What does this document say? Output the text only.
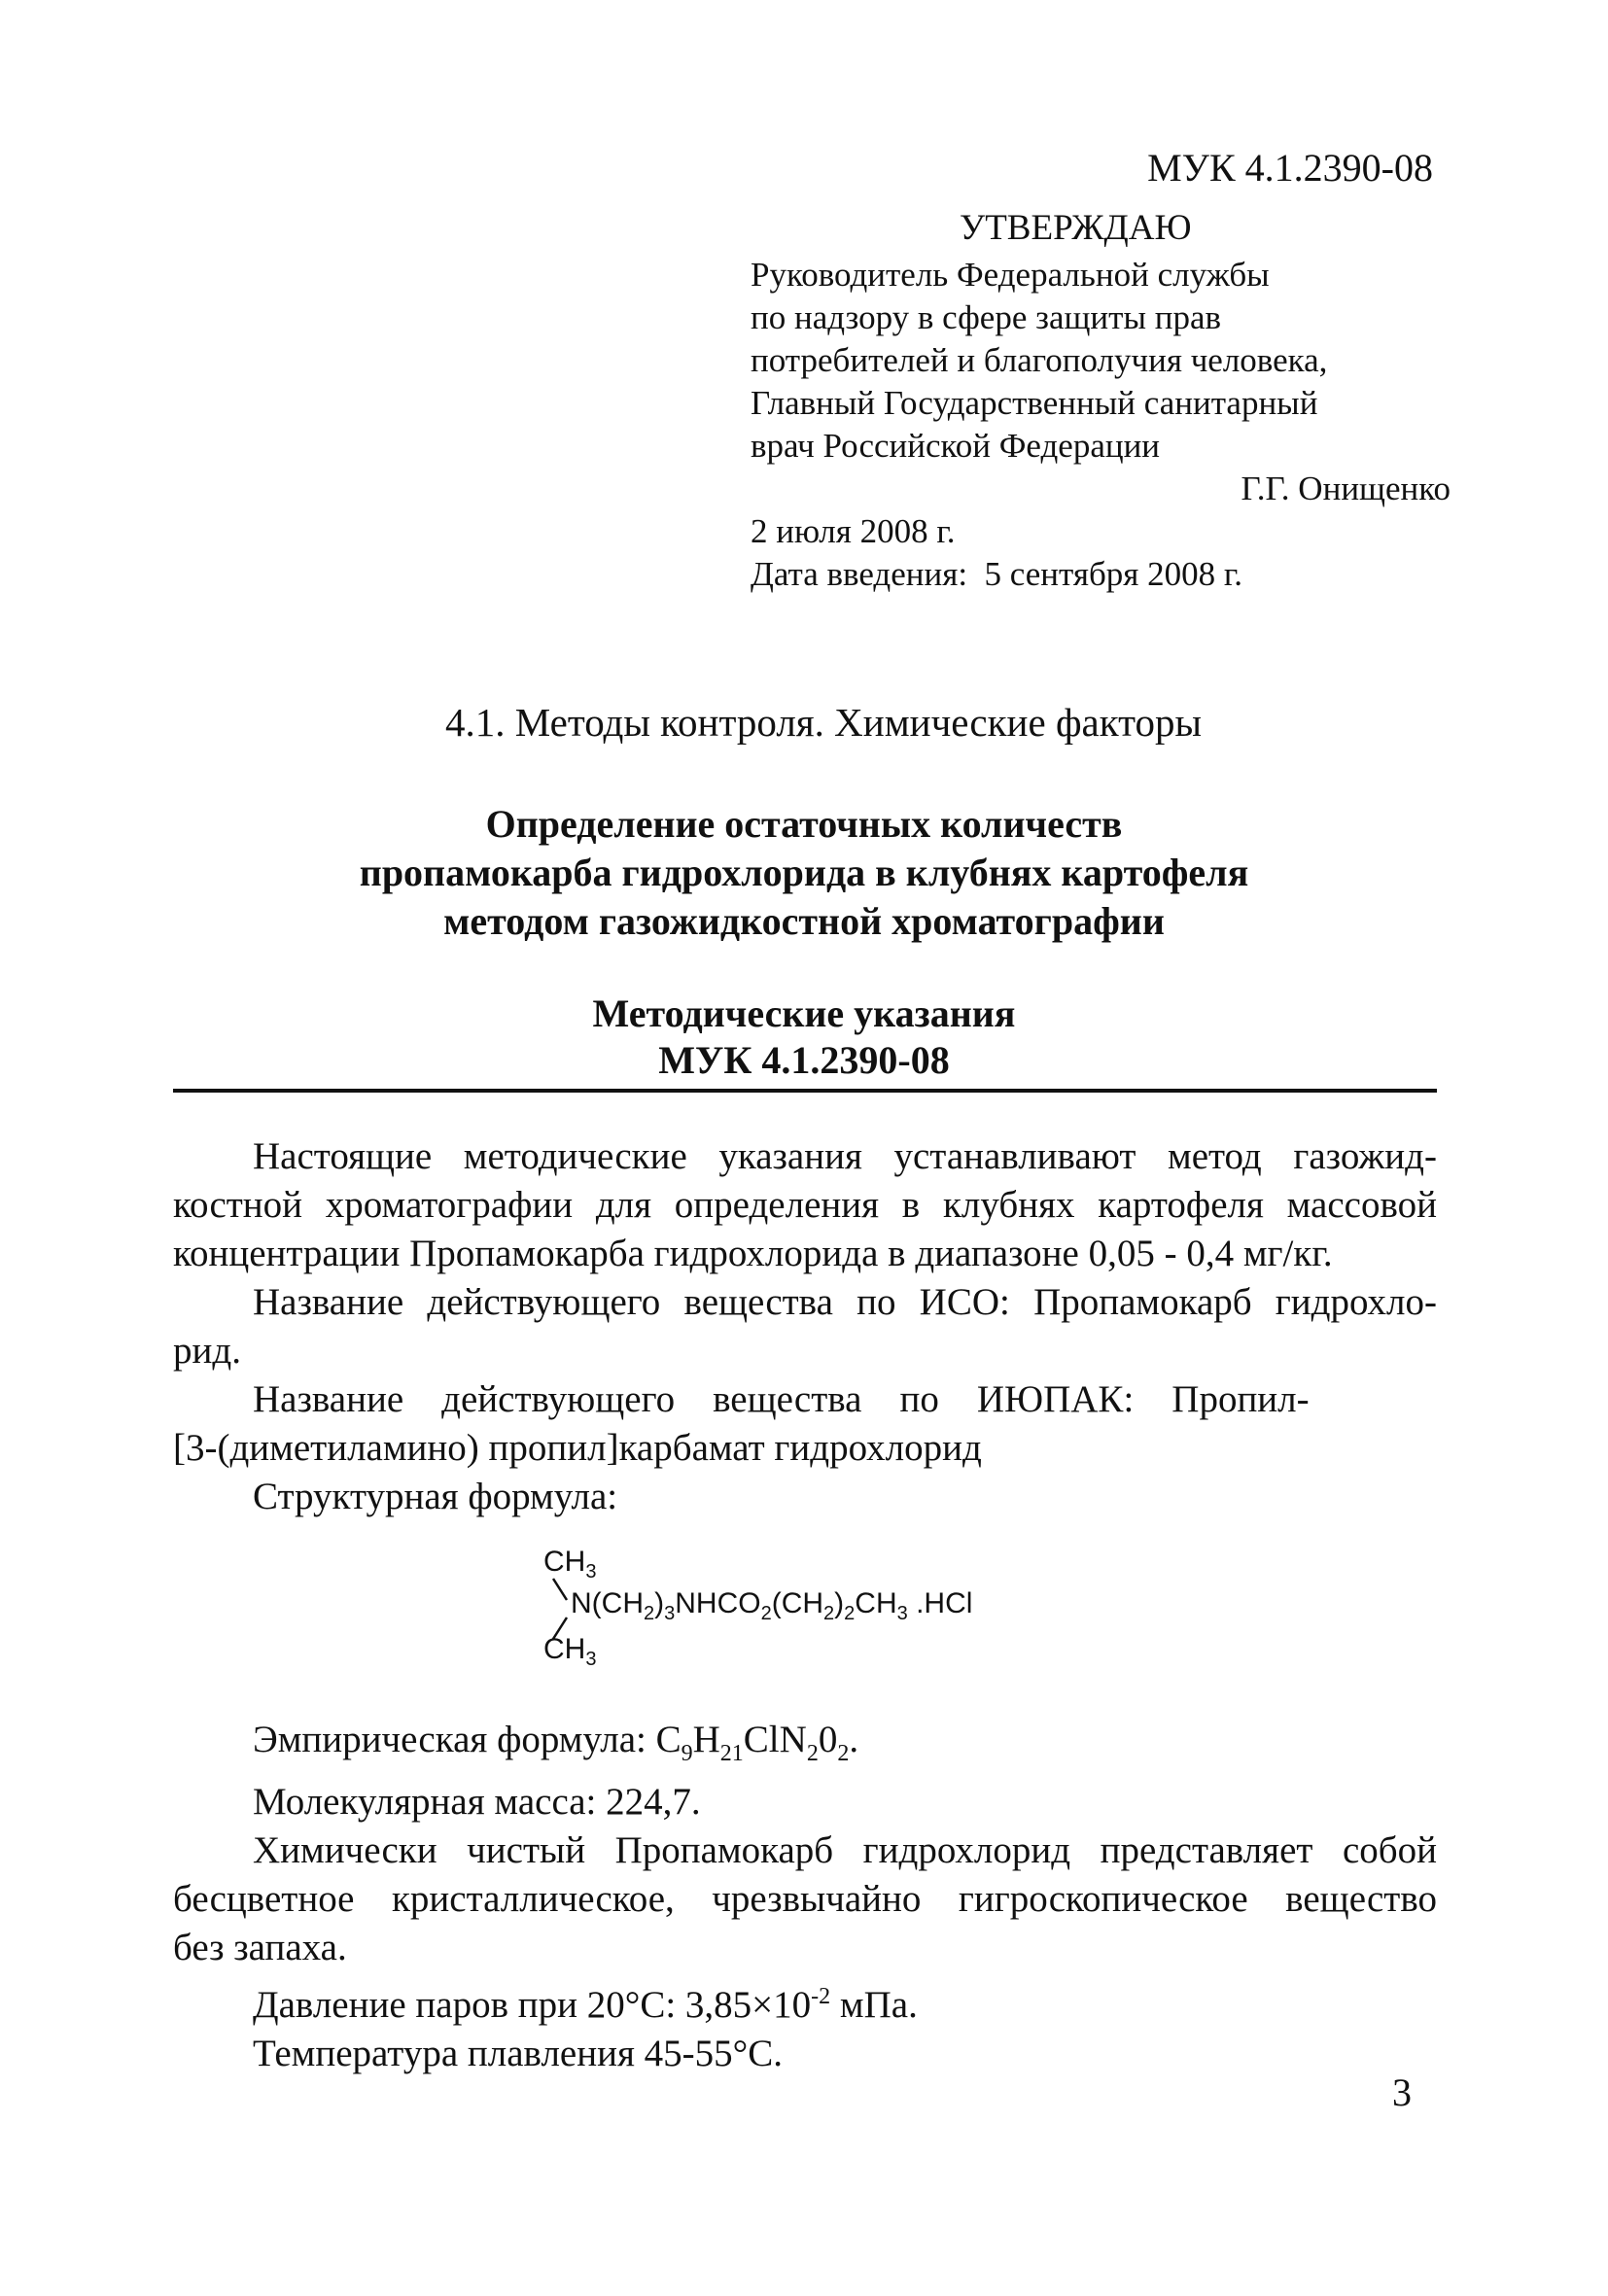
МУК 4.1.2390-08
УТВЕРЖДАЮ
Руководитель Федеральной службы
по надзору в сфере защиты прав
потребителей и благополучия человека,
Главный Государственный санитарный
врач Российской Федерации
Г.Г. Онищенко
2 июля 2008 г.
Дата введения:  5 сентября 2008 г.
4.1. Методы контроля. Химические факторы
Определение остаточных количеств
пропамокарба гидрохлорида в клубнях картофеля
методом газожидкостной хроматографии
Методические указания
МУК 4.1.2390-08

Настоящие методические указания устанавливают метод газожид-

костной хроматографии для определения в клубнях картофеля массовой

концентрации Пропамокарба гидрохлорида в диапазоне 0,05 - 0,4 мг/кг.

Название действующего вещества по ИСО: Пропамокарб гидрохло-

рид.

Название    действующего    вещества    по    ИЮПАК:    Пропил-

[3-(диметиламино) пропил]карбамат гидрохлорид

Структурная формула:

$CH_3$
$N(CH_2)_3NHCO_2(CH_2)_2CH_3$ .HCl
$CH_3$

Эмпирическая формула: $C_9H_{21}ClN_20_2$.

Молекулярная масса: 224,7.

Химически чистый Пропамокарб гидрохлорид представляет собой

бесцветное кристаллическое, чрезвычайно гигроскопическое вещество

без запаха.

Давление паров при 20°С: $3,85\times 10^{-2}$ мПа.

Температура плавления 45-55°С.

3
